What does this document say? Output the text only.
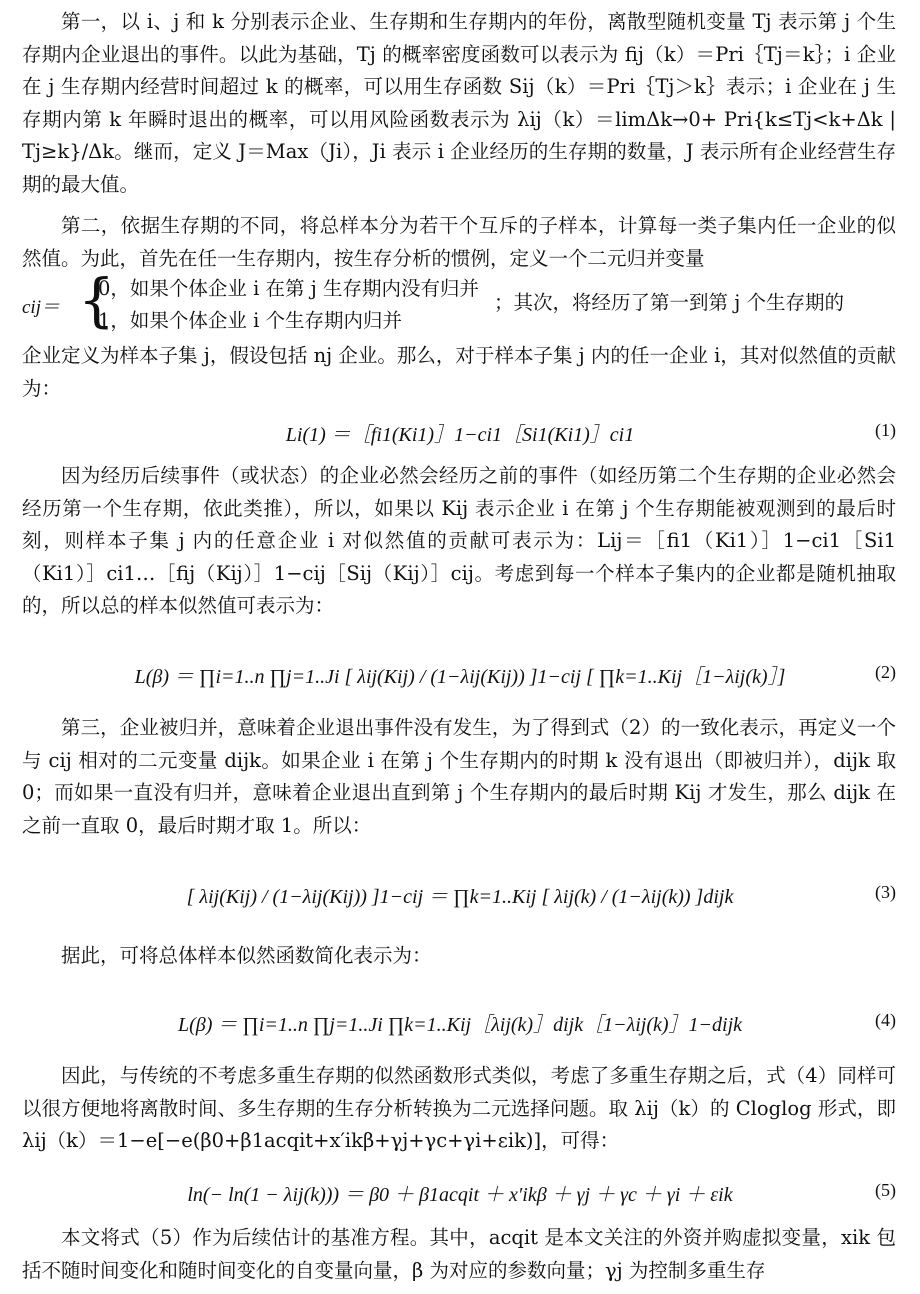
第一，以 i、j 和 k 分别表示企业、生存期和生存期内的年份，离散型随机变量 Tj 表示第 j 个生存期内企业退出的事件。以此为基础，Tj 的概率密度函数可以表示为 fij（k）＝Pri｛Tj＝k｝；i 企业在 j 生存期内经营时间超过 k 的概率，可以用生存函数 Sij（k）＝Pri｛Tj＞k｝表示；i 企业在 j 生存期内第 k 年瞬时退出的概率，可以用风险函数表示为 λij（k）＝limΔk→0+ Pri{k≤Tj<k+Δk | Tj≥k}/Δk。继而，定义 J＝Max（Ji），Ji 表示 i 企业经历的生存期的数量，J 表示所有企业经营生存期的最大值。

第二，依据生存期的不同，将总样本分为若干个互斥的子样本，计算每一类子集内任一企业的似然值。为此，首先在任一生存期内，按生存分析的惯例，定义一个二元归并变量

cij＝ {
0，如果个体企业 i 在第 j 生存期内没有归并
1，如果个体企业 i 个生存期内归并
；其次，将经历了第一到第 j 个生存期的

企业定义为样本子集 j，假设包括 nj 企业。那么，对于样本子集 j 内的任一企业 i，其对似然值的贡献为：

Li(1) ＝［fi1(Ki1)］1−ci1［Si1(Ki1)］ci1	(1)

因为经历后续事件（或状态）的企业必然会经历之前的事件（如经历第二个生存期的企业必然会经历第一个生存期，依此类推），所以，如果以 Kij 表示企业 i 在第 j 个生存期能被观测到的最后时刻，则样本子集 j 内的任意企业 i 对似然值的贡献可表示为：Lij＝［fi1（Ki1）］1−ci1［Si1（Ki1）］ci1…［fij（Kij）］1−cij［Sij（Kij）］cij。考虑到每一个样本子集内的企业都是随机抽取的，所以总的样本似然值可表示为：

L(β) ＝ ∏i=1..n ∏j=1..Ji [ λij(Kij) / (1−λij(Kij)) ]1−cij [ ∏k=1..Kij［1−λij(k)］]	(2)

第三，企业被归并，意味着企业退出事件没有发生，为了得到式（2）的一致化表示，再定义一个与 cij 相对的二元变量 dijk。如果企业 i 在第 j 个生存期内的时期 k 没有退出（即被归并），dijk 取 0；而如果一直没有归并，意味着企业退出直到第 j 个生存期内的最后时期 Kij 才发生，那么 dijk 在之前一直取 0，最后时期才取 1。所以：

[ λij(Kij) / (1−λij(Kij)) ]1−cij ＝ ∏k=1..Kij [ λij(k) / (1−λij(k)) ]dijk	(3)

据此，可将总体样本似然函数简化表示为：

L(β) ＝ ∏i=1..n ∏j=1..Ji ∏k=1..Kij［λij(k)］dijk［1−λij(k)］1−dijk	(4)

因此，与传统的不考虑多重生存期的似然函数形式类似，考虑了多重生存期之后，式（4）同样可以很方便地将离散时间、多生存期的生存分析转换为二元选择问题。取 λij（k）的 Cloglog 形式，即 λij（k）＝1−e[−e(β0+β1acqit+x′ikβ+γj+γc+γi+εik)]，可得：

ln(− ln(1 − λij(k))) ＝ β0 ＋ β1acqit ＋ x′ikβ ＋ γj ＋ γc ＋ γi ＋ εik	(5)

本文将式（5）作为后续估计的基准方程。其中，acqit 是本文关注的外资并购虚拟变量，xik 包括不随时间变化和随时间变化的自变量向量，β 为对应的参数向量；γj 为控制多重生存
